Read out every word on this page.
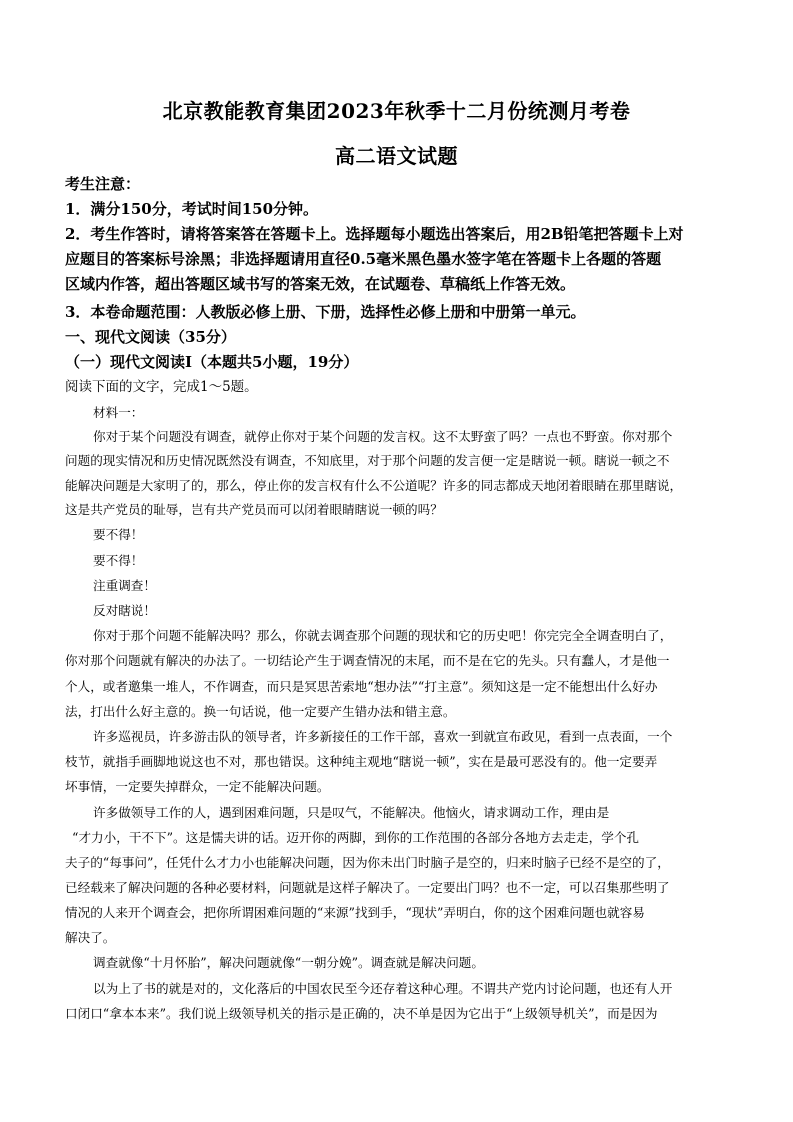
北京教能教育集团2023年秋季十二月份统测月考卷
高二语文试题
考生注意：
1．满分150分，考试时间150分钟。
2．考生作答时，请将答案答在答题卡上。选择题每小题选出答案后，用2B铅笔把答题卡上对
应题目的答案标号涂黑；非选择题请用直径0.5毫米黑色墨水签字笔在答题卡上各题的答题
区域内作答，超出答题区域书写的答案无效，在试题卷、草稿纸上作答无效。
3．本卷命题范围：人教版必修上册、下册，选择性必修上册和中册第一单元。
一、现代文阅读（35分）
（一）现代文阅读Ⅰ（本题共5小题，19分）
阅读下面的文字，完成1～5题。
材料一：
你对于某个问题没有调查，就停止你对于某个问题的发言权。这不太野蛮了吗？一点也不野蛮。你对那个
问题的现实情况和历史情况既然没有调查，不知底里，对于那个问题的发言便一定是瞎说一顿。瞎说一顿之不
能解决问题是大家明了的，那么，停止你的发言权有什么不公道呢？许多的同志都成天地闭着眼睛在那里瞎说，
这是共产党员的耻辱，岂有共产党员而可以闭着眼睛瞎说一顿的吗？
要不得！
要不得！
注重调查！
反对瞎说！
你对于那个问题不能解决吗？那么，你就去调查那个问题的现状和它的历史吧！你完完全全调查明白了，
你对那个问题就有解决的办法了。一切结论产生于调查情况的末尾，而不是在它的先头。只有蠢人，才是他一
个人，或者邀集一堆人，不作调查，而只是冥思苦索地“想办法”“打主意”。须知这是一定不能想出什么好办
法，打出什么好主意的。换一句话说，他一定要产生错办法和错主意。
许多巡视员，许多游击队的领导者，许多新接任的工作干部，喜欢一到就宣布政见，看到一点表面，一个
枝节，就指手画脚地说这也不对，那也错误。这种纯主观地“瞎说一顿”，实在是最可恶没有的。他一定要弄
坏事情，一定要失掉群众，一定不能解决问题。
许多做领导工作的人，遇到困难问题，只是叹气，不能解决。他恼火，请求调动工作，理由是
“才力小，干不下”。这是懦夫讲的话。迈开你的两脚，到你的工作范围的各部分各地方去走走，学个孔
夫子的“每事问”，任凭什么才力小也能解决问题，因为你未出门时脑子是空的，归来时脑子已经不是空的了，
已经载来了解决问题的各种必要材料，问题就是这样子解决了。一定要出门吗？也不一定，可以召集那些明了
情况的人来开个调查会，把你所谓困难问题的“来源”找到手，“现状”弄明白，你的这个困难问题也就容易
解决了。
调查就像“十月怀胎”，解决问题就像“一朝分娩”。调查就是解决问题。
以为上了书的就是对的，文化落后的中国农民至今还存着这种心理。不谓共产党内讨论问题，也还有人开
口闭口“拿本本来”。我们说上级领导机关的指示是正确的，决不单是因为它出于“上级领导机关”，而是因为
